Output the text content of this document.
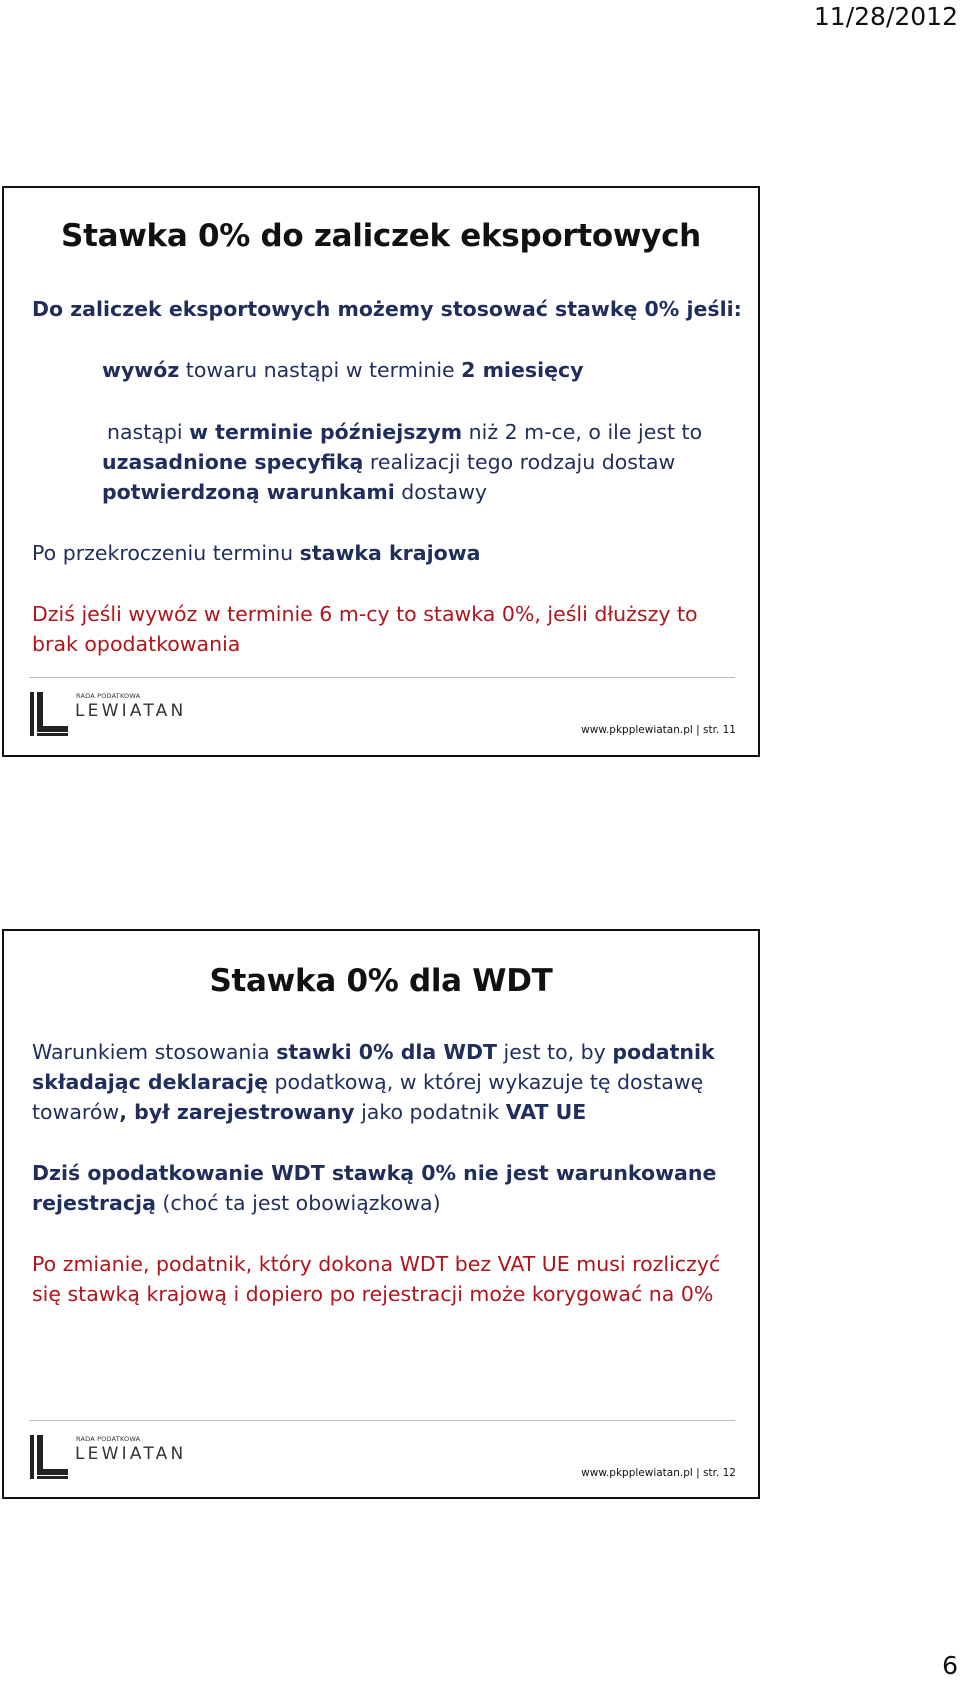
11/28/2012
Stawka 0% do zaliczek eksportowych
Do zaliczek eksportowych możemy stosować stawkę 0% jeśli:
wywóz towaru nastąpi w terminie 2 miesięcy
nastąpi w terminie późniejszym niż 2 m-ce, o ile jest to
uzasadnione specyfiką realizacji tego rodzaju dostaw
potwierdzoną warunkami dostawy
Po przekroczeniu terminu stawka krajowa
Dziś jeśli wywóz w terminie 6 m-cy to stawka 0%, jeśli dłuższy to
brak opodatkowania
RADA PODATKOWA
LEWIATAN
www.pkpplewiatan.pl | str. 11
Stawka 0% dla WDT
Warunkiem stosowania stawki 0% dla WDT jest to, by podatnik
składając deklarację podatkową, w której wykazuje tę dostawę
towarów, był zarejestrowany jako podatnik VAT UE
Dziś opodatkowanie WDT stawką 0% nie jest warunkowane
rejestracją (choć ta jest obowiązkowa)
Po zmianie, podatnik, który dokona WDT bez VAT UE musi rozliczyć
się stawką krajową i dopiero po rejestracji może korygować na 0%
RADA PODATKOWA
LEWIATAN
www.pkpplewiatan.pl | str. 12
6
